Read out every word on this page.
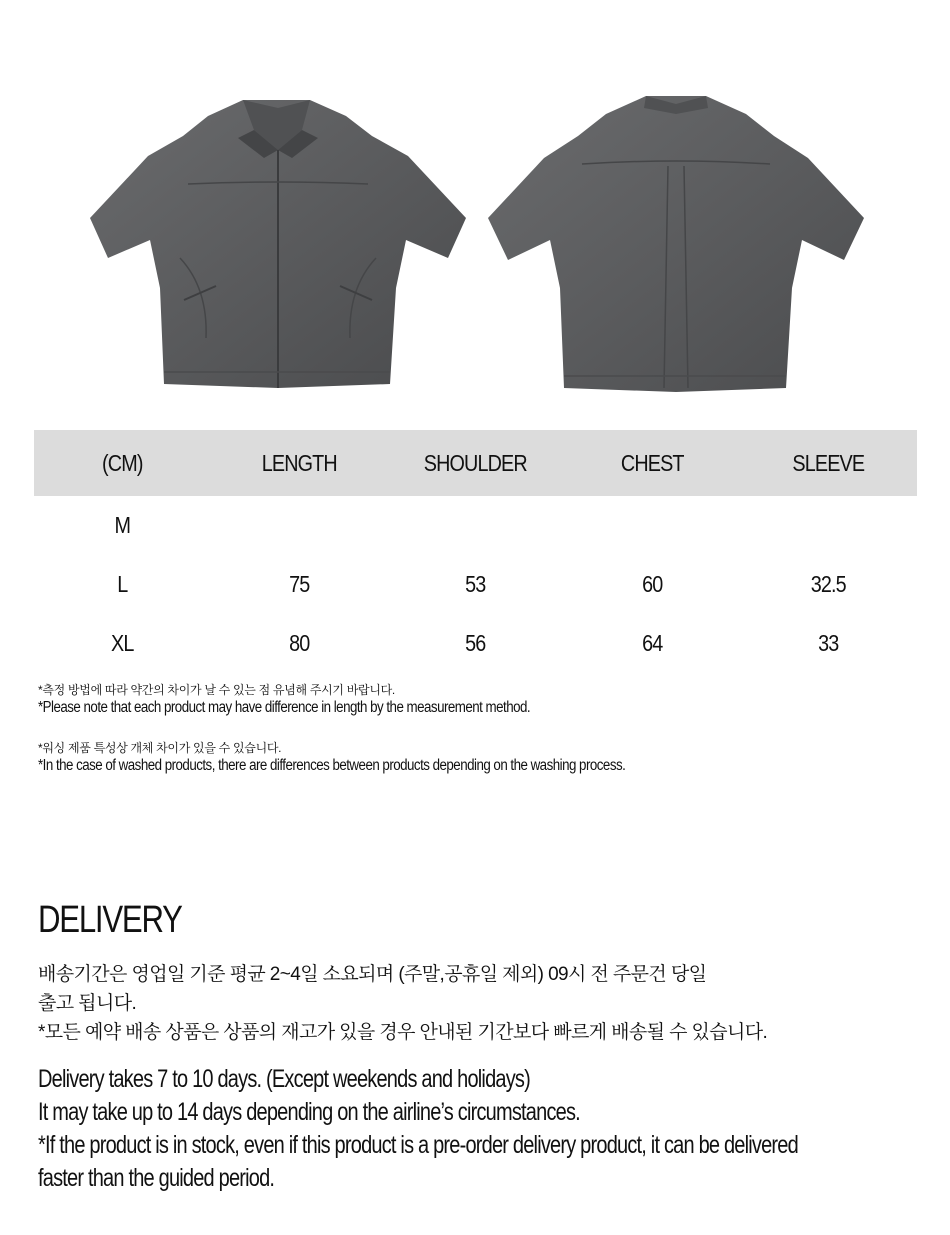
(CM)	LENGTH	SHOULDER	CHEST	SLEEVE
M
L	75	53	60	32.5
XL	80	56	64	33
*측정 방법에 따라 약간의 차이가 날 수 있는 점 유념해 주시기 바랍니다.
*Please note that each product may have difference in length by the measurement method.
*워싱 제품 특성상 개체 차이가 있을 수 있습니다.
*In the case of washed products, there are differences between products depending on the washing process.
DELIVERY
배송기간은 영업일 기준 평균 2~4일 소요되며 (주말,공휴일 제외) 09시 전 주문건 당일
출고 됩니다.
*모든 예약 배송 상품은 상품의 재고가 있을 경우 안내된 기간보다 빠르게 배송될 수 있습니다.
Delivery takes 7 to 10 days. (Except weekends and holidays)
It may take up to 14 days depending on the airline’s circumstances.
*If the product is in stock, even if this product is a pre-order delivery product, it can be delivered
faster than the guided period.
